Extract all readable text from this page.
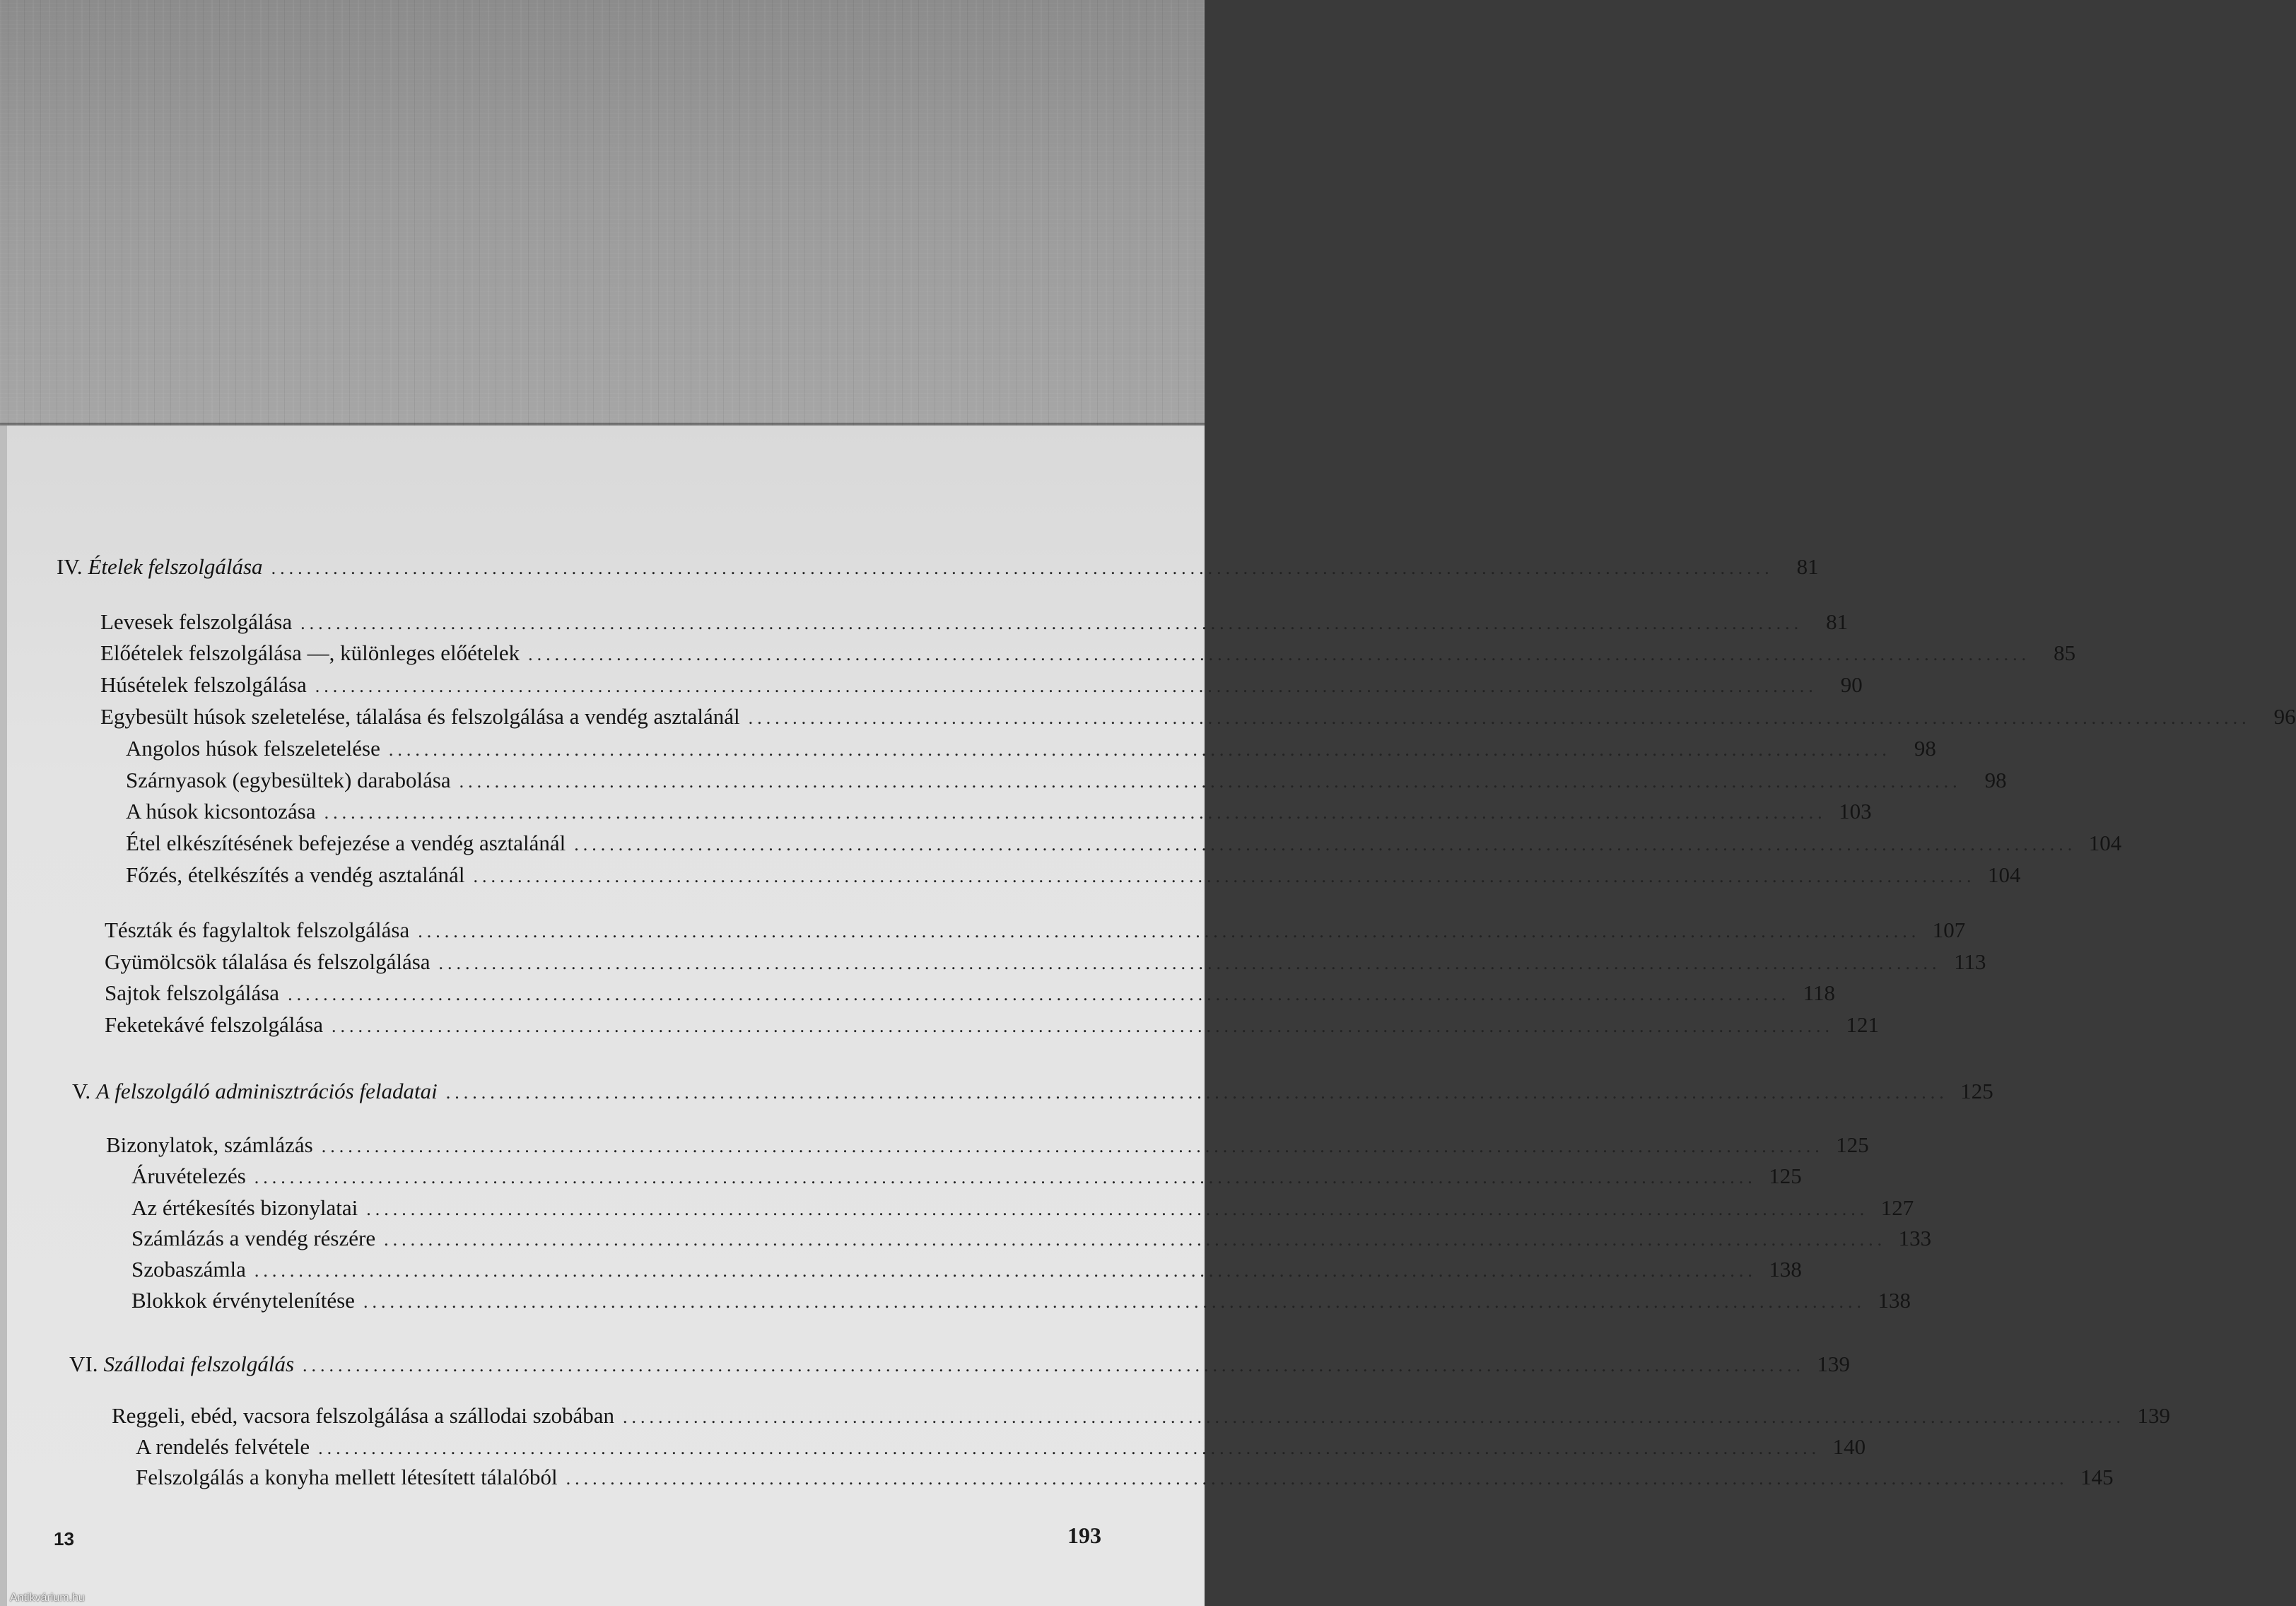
IV. Ételek felszolgálása ..........................................................................................................................................................................	81
Levesek felszolgálása ..........................................................................................................................................................................	81
Előételek felszolgálása —, különleges előételek ..........................................................................................................................................................................	85
Húsételek felszolgálása ..........................................................................................................................................................................	90
Egybesült húsok szeletelése, tálalása és felszolgálása a vendég asztalánál ..........................................................................................................................................................................	96
Angolos húsok felszeletelése ..........................................................................................................................................................................	98
Szárnyasok (egybesültek) darabolása ..........................................................................................................................................................................	98
A húsok kicsontozása .......................................................................................................................................................................... 103
Étel elkészítésének befejezése a vendég asztalánál .......................................................................................................................................................................... 104
Főzés, ételkészítés a vendég asztalánál .......................................................................................................................................................................... 104
Tészták és fagylaltok felszolgálása .......................................................................................................................................................................... 107
Gyümölcsök tálalása és felszolgálása .......................................................................................................................................................................... 113
Sajtok felszolgálása .......................................................................................................................................................................... 118
Feketekávé felszolgálása .......................................................................................................................................................................... 121
V. A felszolgáló adminisztrációs feladatai .......................................................................................................................................................................... 125
Bizonylatok, számlázás .......................................................................................................................................................................... 125
Áruvételezés .......................................................................................................................................................................... 125
Az értékesítés bizonylatai .......................................................................................................................................................................... 127
Számlázás a vendég részére .......................................................................................................................................................................... 133
Szobaszámla .......................................................................................................................................................................... 138
Blokkok érvénytelenítése .......................................................................................................................................................................... 138
VI. Szállodai felszolgálás .......................................................................................................................................................................... 139
Reggeli, ebéd, vacsora felszolgálása a szállodai szobában .......................................................................................................................................................................... 139
A rendelés felvétele .......................................................................................................................................................................... 140
Felszolgálás a konyha mellett létesített tálalóból .......................................................................................................................................................................... 145
13	193
Antikvárium.hu
